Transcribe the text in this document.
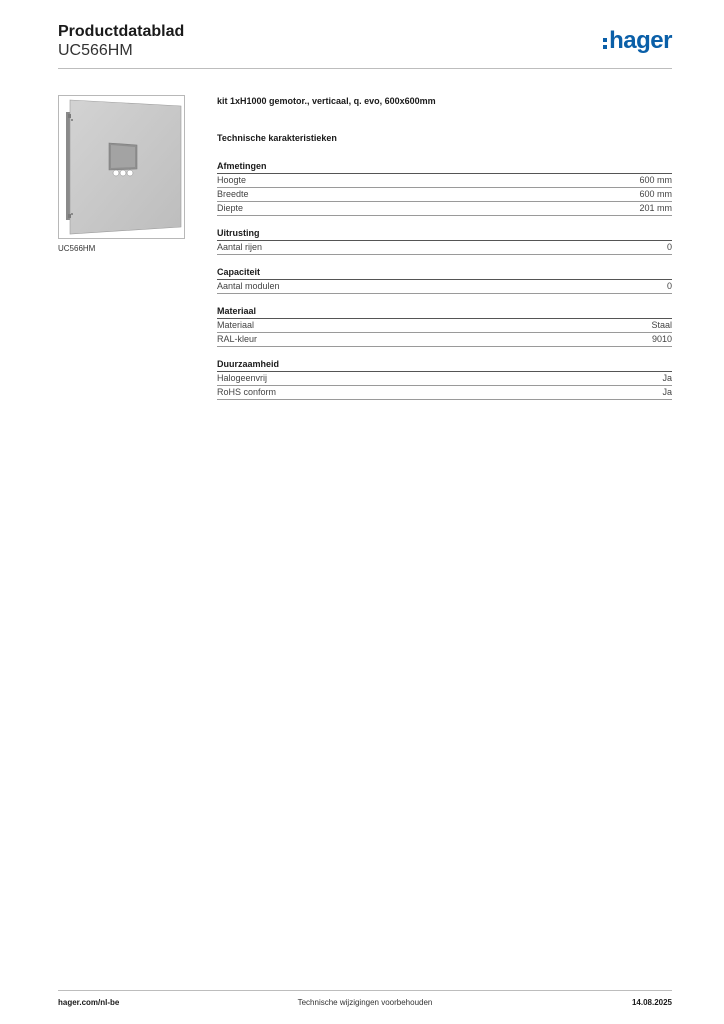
Productdatablad
UC566HM	hager
UC566HM
kit 1xH1000 gemotor., verticaal, q. evo, 600x600mm
Technische karakteristieken
Afmetingen
Hoogte	600 mm
Breedte	600 mm
Diepte	201 mm
Uitrusting
Aantal rijen	0
Capaciteit
Aantal modulen	0
Materiaal
Materiaal	Staal
RAL-kleur	9010
Duurzaamheid
Halogeenvrij	Ja
RoHS conform	Ja
hager.com/nl-be	Technische wijzigingen voorbehouden	14.08.2025
